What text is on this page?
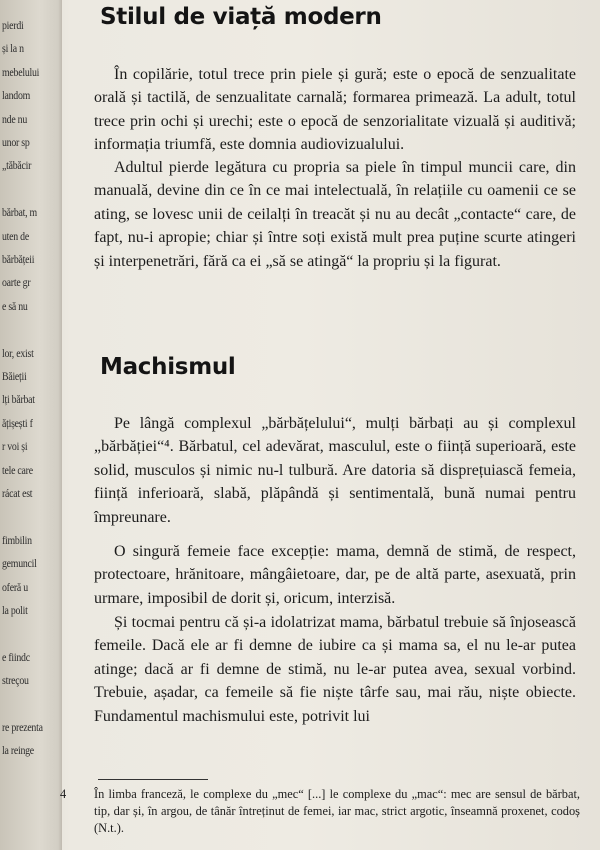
pierdi
și la n
mebelului
landom
nde nu
unor sp
„tăbăcir
bărbat, m
uten de
bărbățeii
oarte gr
e să nu
lor, exist
Băieții
lți bărbat
ățișești f
r voi și
tele care
rácat est
fimbilin
gemuncil
oferă u
la polit
e fiindc
streçou
re prezenta
la reinge
Stilul de viață modern

În copilărie, totul trece prin piele și gură; este o epocă de senzualitate orală și tactilă, de senzualitate carnală; formarea primează. La adult, totul trece prin ochi și urechi; este o epocă de senzorialitate vizuală și auditivă; informația triumfă, este domnia audiovizualului.

Adultul pierde legătura cu propria sa piele în timpul muncii care, din manuală, devine din ce în ce mai intelectuală, în relațiile cu oamenii ce se ating, se lovesc unii de ceilalți în treacăt și nu au decât „contacte“ care, de fapt, nu-i apropie; chiar și între soți există mult prea puține scurte atingeri și interpenetrări, fără ca ei „să se atingă“ la propriu și la figurat.

Machismul

Pe lângă complexul „bărbățelului“, mulți bărbați au și complexul „bărbăției“⁴. Bărbatul, cel adevărat, masculul, este o ființă superioară, este solid, musculos și nimic nu-l tulbură. Are datoria să disprețuiască femeia, ființă inferioară, slabă, plăpândă și sentimentală, bună numai pentru împreunare.

O singură femeie face excepție: mama, demnă de stimă, de respect, protectoare, hrănitoare, mângâietoare, dar, pe de altă parte, asexuată, prin urmare, imposibil de dorit și, oricum, interzisă.

Și tocmai pentru că și-a idolatrizat mama, bărbatul trebuie să înjosească femeile. Dacă ele ar fi demne de iubire ca și mama sa, el nu le-ar putea atinge; dacă ar fi demne de stimă, nu le-ar putea avea, sexual vorbind. Trebuie, așadar, ca femeile să fie niște târfe sau, mai rău, niște obiecte. Fundamentul machismului este, potrivit lui

4 În limba franceză, le complexe du „mec“ [...] le complexe du „mac“: mec are sensul de bărbat, tip, dar și, în argou, de tânăr întreținut de femei, iar mac, strict argotic, înseamnă proxenet, codoș (N.t.).
